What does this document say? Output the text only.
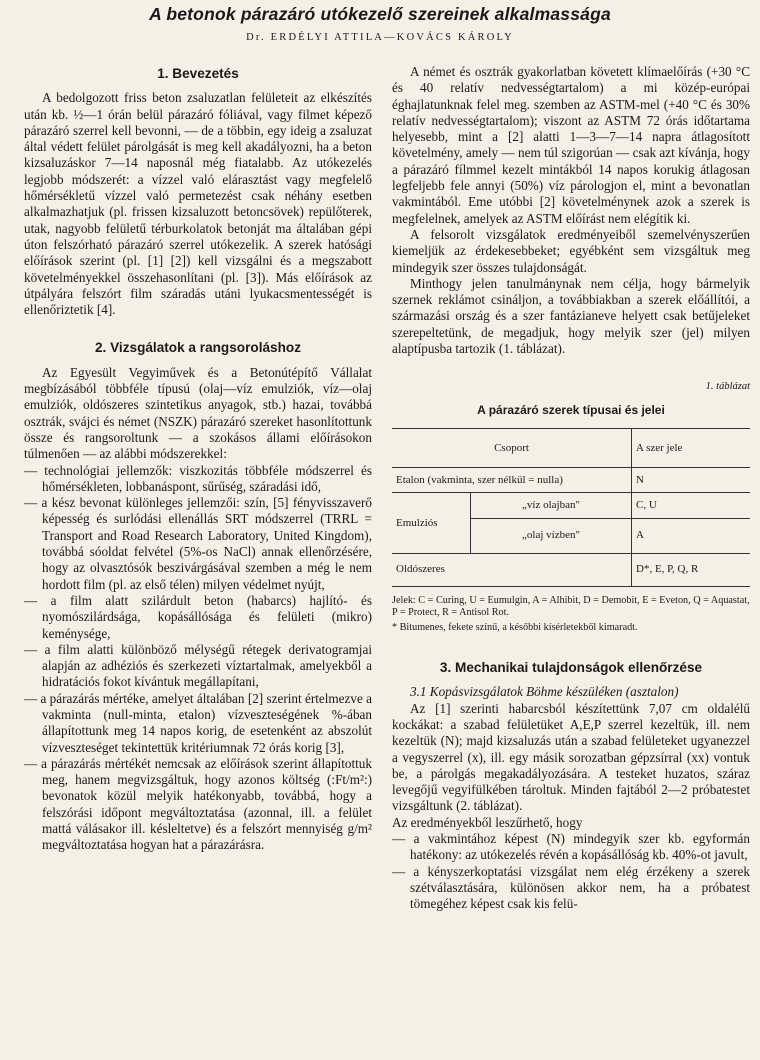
A betonok párazáró utókezelő szereinek alkalmassága
Dr. ERDÉLYI ATTILA—KOVÁCS KÁROLY
1. Bevezetés

A bedolgozott friss beton zsaluzatlan felületeit az elkészítés után kb. ½—1 órán belül párazáró fóliával, vagy filmet képező párazáró szerrel kell bevonni, — de a többin, egy ideig a zsaluzat által védett felület párolgását is meg kell akadályozni, ha a beton kizsaluzáskor 7—14 naposnál még fiatalabb. Az utókezelés legjobb módszerét: a vízzel való elárasztást vagy megfelelő hőmérsékletű vízzel való permetezést csak néhány esetben alkalmazhatjuk (pl. frissen kizsaluzott betoncsövek) repülőterek, utak, nagyobb felületű térburkolatok betonját ma általában gépi úton felszórható párazáró szerrel utókezelik. A szerek hatósági előírások szerint (pl. [1] [2]) kell vizsgálni és a megszabott követelményekkel összehasonlítani (pl. [3]). Más előírások az útpályára felszórt film száradás utáni lyukacsmentességét is ellenőriztetik [4].

2. Vizsgálatok a rangsoroláshoz

Az Egyesült Vegyiművek és a Betonútépítő Vállalat megbízásából többféle típusú (olaj—víz emulziók, víz—olaj emulziók, oldószeres szintetikus anyagok, stb.) hazai, továbbá osztrák, svájci és német (NSZK) párazáró szereket hasonlítottunk össze és rangsoroltunk — a szokásos állami előírásokon túlmenően — az alábbi módszerekkel:

— technológiai jellemzők: viszkozitás többféle módszerrel és hőmérsékleten, lobbanáspont, sűrűség, száradási idő,

— a kész bevonat különleges jellemzői: szín, [5] fényvisszaverő képesség és surlódási ellenállás SRT módszerrel (TRRL = Transport and Road Research Laboratory, United Kingdom), továbbá sóoldat felvétel (5%-os NaCl) annak ellenőrzésére, hogy az olvasztósók beszivárgásával szemben a még le nem hordott film (pl. az első télen) milyen védelmet nyújt,

— a film alatt szilárdult beton (habarcs) hajlító- és nyomószilárdsága, kopásállósága és felületi (mikro) keménysége,

— a film alatti különböző mélységű rétegek derivatogramjai alapján az adhéziós és szerkezeti víztartalmak, amelyekből a hidratációs fokot kívántuk megállapítani,

— a párazárás mértéke, amelyet általában [2] szerint értelmezve a vakminta (null-minta, etalon) vízveszteségének %-ában állapítottunk meg 14 napos korig, de esetenként az abszolút vízveszteséget tekintettük kritériumnak 72 órás korig [3],

— a párazárás mértékét nemcsak az előírások szerint állapítottuk meg, hanem megvizsgáltuk, hogy azonos költség (:Ft/m²:) bevonatok közül melyik hatékonyabb, továbbá, hogy a felszórási időpont megváltoztatása (azonnal, ill. a felület mattá válásakor ill. késleltetve) és a felszórt mennyiség g/m² megváltoztatása hogyan hat a párazárásra.

A német és osztrák gyakorlatban követett klímaelőírás (+30 °C és 40 relatív nedvességtartalom) a mi közép-európai éghajlatunknak felel meg. szemben az ASTM-mel (+40 °C és 30% relatív nedvességtartalom); viszont az ASTM 72 órás időtartama helyesebb, mint a [2] alatti 1—3—7—14 napra átlagosított követelmény, amely — nem túl szigorúan — csak azt kívánja, hogy a párazáró fílmmel kezelt mintákból 14 napos korukig átlagosan legfeljebb fele annyi (50%) víz párologjon el, mint a bevonatlan vakmintából. Eme utóbbi [2] követelménynek azok a szerek is megfelelnek, amelyek az ASTM előírást nem elégítik ki.

A felsorolt vizsgálatok eredményeiből szemelvényszerűen kiemeljük az érdekesebbeket; egyébként sem vizsgáltuk meg mindegyik szer összes tulajdonságát.

Minthogy jelen tanulmánynak nem célja, hogy bármelyik szernek reklámot csináljon, a továbbiakban a szerek előállítói, a származási ország és a szer fantázianeve helyett csak betűjeleket szerepeltetünk, de megadjuk, hogy melyik szer (jel) milyen alaptípusba tartozik (1. táblázat).

1. táblázat
A párazáró szerek típusai és jelei
Csoport		A szer jele
Etalon (vakminta, szer nélkül = nulla)		N
Emulziós	„víz olajban"	C, U
	„olaj vízben"	A
Oldószeres		D*, E, P, Q, R
Jelek: C = Curing, U = Eumulgin, A = Alhibit, D = Demobit, E = Eveton, Q = Aquastat, P = Protect, R = Antisol Rot.
* Bitumenes, fekete színű, a későbbi kísérletekből kimaradt.
3. Mechanikai tulajdonságok ellenőrzése

3.1 Kopásvizsgálatok Böhme készüléken (asztalon)

Az [1] szerinti habarcsból készítettünk 7,07 cm oldalélű kockákat: a szabad felületüket A,E,P szerrel kezeltük, ill. nem kezeltük (N); majd kizsaluzás után a szabad felületeket ugyanezzel a vegyszerrel (x), ill. egy másik sorozatban gépzsírral (xx) vontuk be, a párolgás megakadályozására. A testeket huzatos, száraz levegőjű vegyifülkében tároltuk. Minden fajtából 2—2 próbatestet vizsgáltunk (2. táblázat).

Az eredményekből leszűrhető, hogy

— a vakmintához képest (N) mindegyik szer kb. egyformán hatékony: az utókezelés révén a kopásállóság kb. 40%-ot javult,

— a kényszerkoptatási vizsgálat nem elég érzékeny a szerek szétválasztására, különösen akkor nem, ha a próbatest tömegéhez képest csak kis felü-
